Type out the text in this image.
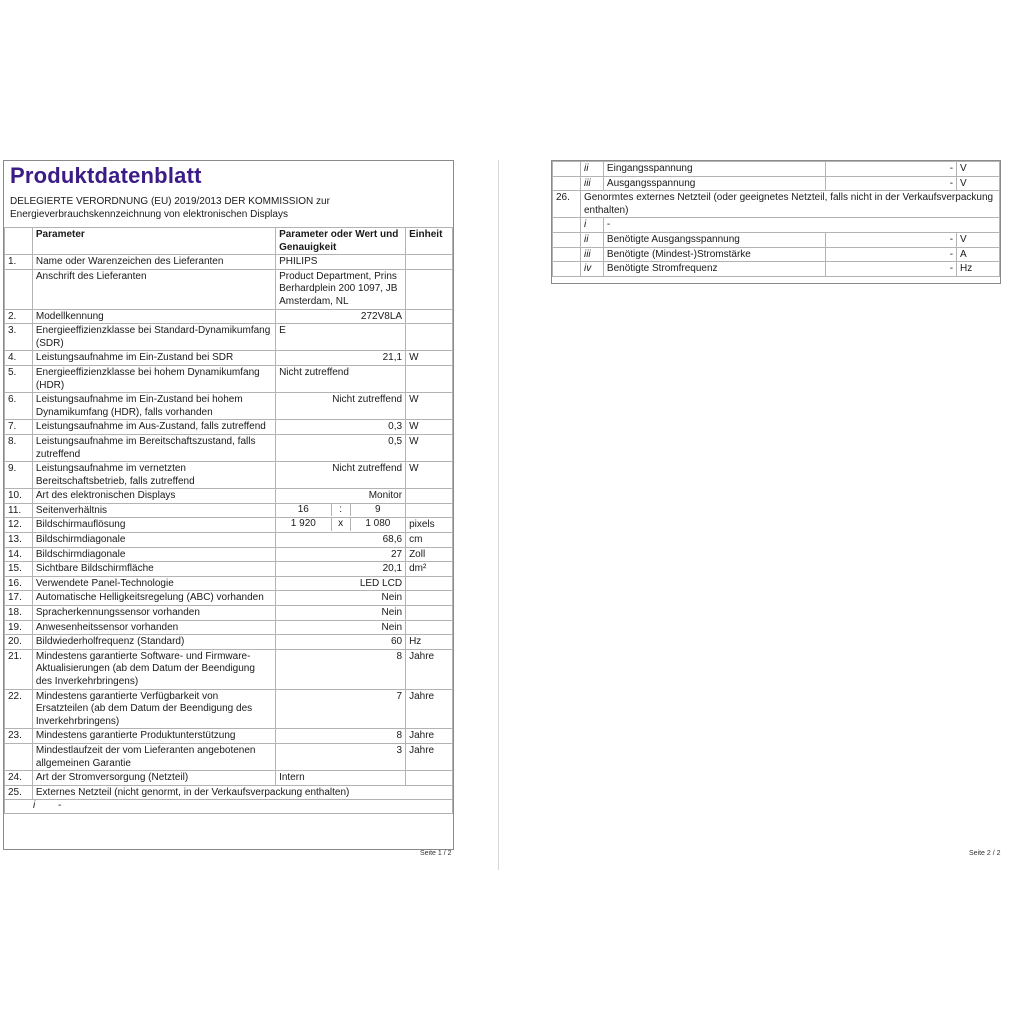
Produktdatenblatt
DELEGIERTE VERORDNUNG (EU) 2019/2013 DER KOMMISSION zur Energieverbrauchskennzeichnung von elektronischen Displays
	Parameter	Parameter oder Wert und Genauigkeit	Einheit
1.	Name oder Warenzeichen des Lieferanten	PHILIPS	
	Anschrift des Lieferanten	Product Department, Prins Berhardplein 200 1097, JB Amsterdam, NL	
2.	Modellkennung	272V8LA	
3.	Energieeffizienzklasse bei Standard-Dynamikumfang (SDR)	E	
4.	Leistungsaufnahme im Ein-Zustand bei SDR	21,1	W
5.	Energieeffizienzklasse bei hohem Dynamikumfang (HDR)	Nicht zutreffend	
6.	Leistungsaufnahme im Ein-Zustand bei hohem Dynamikumfang (HDR), falls vorhanden	Nicht zutreffend	W
7.	Leistungsaufnahme im Aus-Zustand, falls zutreffend	0,3	W
8.	Leistungsaufnahme im Bereitschaftszustand, falls zutreffend	0,5	W
9.	Leistungsaufnahme im vernetzten Bereitschaftsbetrieb, falls zutreffend	Nicht zutreffend	W
10.	Art des elektronischen Displays	Monitor	
11.	Seitenverhältnis	16 : 9	

12.	Bildschirmauflösung	1 920 x 1 080	pixels
13.	Bildschirmdiagonale	68,6	cm
14.	Bildschirmdiagonale	27	Zoll
15.	Sichtbare Bildschirmfläche	20,1	dm²
16.	Verwendete Panel-Technologie	LED LCD	
17.	Automatische Helligkeitsregelung (ABC) vorhanden	Nein	
18.	Spracherkennungssensor vorhanden	Nein	
19.	Anwesenheitssensor vorhanden	Nein	
20.	Bildwiederholfrequenz (Standard)	60	Hz
21.	Mindestens garantierte Software- und Firmware-Aktualisierungen (ab dem Datum der Beendigung des Inverkehrbringens)	8	Jahre
22.	Mindestens garantierte Verfügbarkeit von Ersatzteilen (ab dem Datum der Beendigung des Inverkehrbringens)	7	Jahre
23.	Mindestens garantierte Produktunterstützung	8	Jahre
	Mindestlaufzeit der vom Lieferanten angebotenen allgemeinen Garantie	3	Jahre
24.	Art der Stromversorgung (Netzteil)	Intern	
25.	Externes Netzteil (nicht genormt, in der Verkaufsverpackung enthalten)		

i -			
Seite 1 / 2
	ii	Eingangsspannung	-	V
	iii	Ausgangsspannung	-	V
26.	Genormtes externes Netzteil (oder geeignetes Netzteil, falls nicht in der Verkaufsverpackung enthalten)			
	i	-		
	ii	Benötigte Ausgangsspannung	-	V
	iii	Benötigte (Mindest-)Stromstärke	-	A
	iv	Benötigte Stromfrequenz	-	Hz
Seite 2 / 2
